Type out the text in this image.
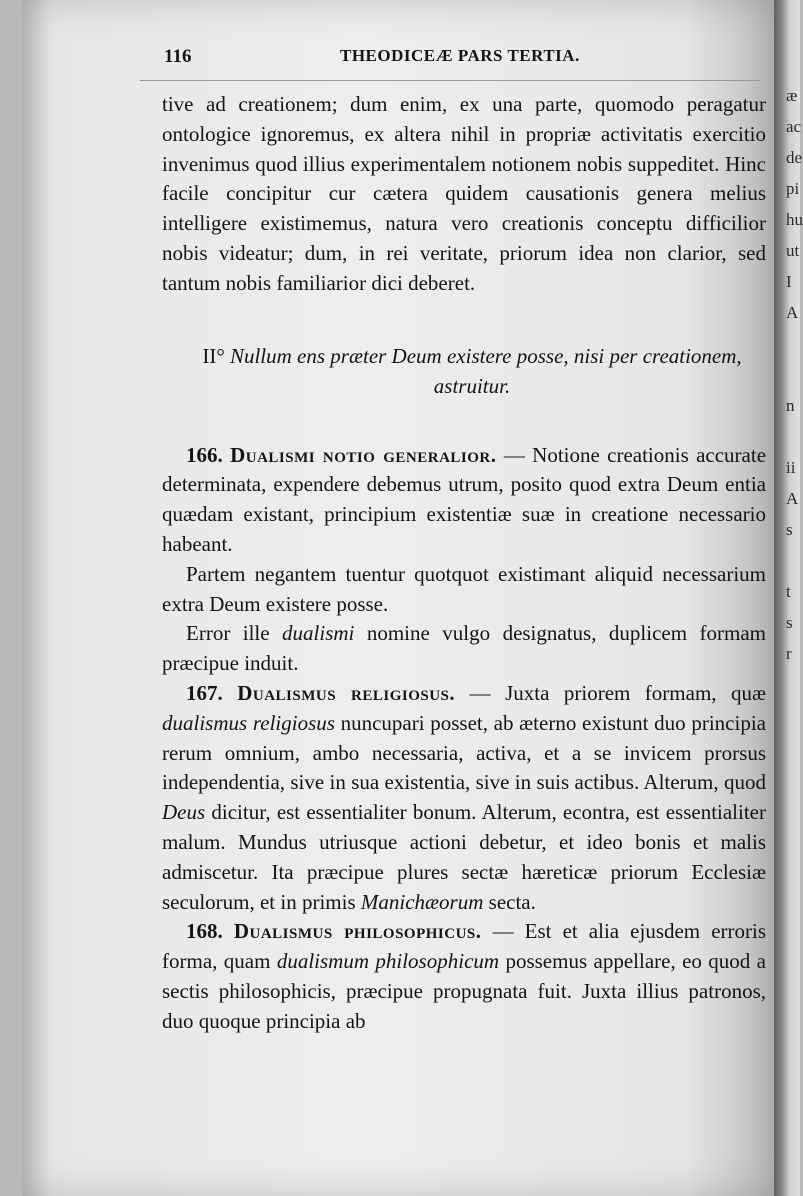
æ
ac
de
pi
hu
ut
I
A

n

ii
A
s

t
s
r

116	THEODICEÆ PARS TERTIA.

tive ad creationem; dum enim, ex una parte, quomodo peragatur ontologice ignoremus, ex altera nihil in propriæ activitatis exercitio invenimus quod illius experimentalem notionem nobis suppeditet. Hinc facile concipitur cur cætera quidem causationis genera melius intelligere existimemus, natura vero creationis conceptu difficilior nobis videatur; dum, in rei veritate, priorum idea non clarior, sed tantum nobis familiarior dici deberet.

II° Nullum ens præter Deum existere posse, nisi per creationem, astruitur.

166. Dualismi notio generalior. — Notione creationis accurate determinata, expendere debemus utrum, posito quod extra Deum entia quædam existant, principium existentiæ suæ in creatione necessario habeant.

Partem negantem tuentur quotquot existimant aliquid necessarium extra Deum existere posse.

Error ille dualismi nomine vulgo designatus, duplicem formam præcipue induit.

167. Dualismus religiosus. — Juxta priorem formam, quæ dualismus religiosus nuncupari posset, ab æterno existunt duo principia rerum omnium, ambo necessaria, activa, et a se invicem prorsus independentia, sive in sua existentia, sive in suis actibus. Alterum, quod Deus dicitur, est essentialiter bonum. Alterum, econtra, est essentialiter malum. Mundus utriusque actioni debetur, et ideo bonis et malis admiscetur. Ita præcipue plures sectæ hæreticæ priorum Ecclesiæ seculorum, et in primis Manichæorum secta.

168. Dualismus philosophicus. — Est et alia ejusdem erroris forma, quam dualismum philosophicum possemus appellare, eo quod a sectis philosophicis, præcipue propugnata fuit. Juxta illius patronos, duo quoque principia ab
